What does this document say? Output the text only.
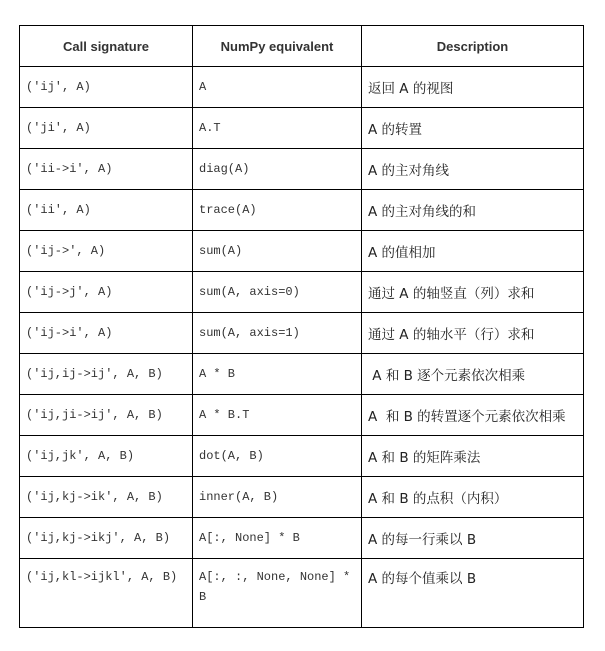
Call signature	NumPy equivalent	Description
('ij', A)	A	返回 A 的视图
('ji', A)	A.T	A 的转置
('ii->i', A)	diag(A)	A 的主对角线
('ii', A)	trace(A)	A 的主对角线的和
('ij->', A)	sum(A)	A 的值相加
('ij->j', A)	sum(A, axis=0)	通过 A 的轴竖直（列）求和
('ij->i', A)	sum(A, axis=1)	通过 A 的轴水平（行）求和
('ij,ij->ij', A, B)	A * B	A 和 B 逐个元素依次相乘
('ij,ji->ij', A, B)	A * B.T	A  和 B 的转置逐个元素依次相乘
('ij,jk', A, B)	dot(A, B)	A 和 B 的矩阵乘法
('ij,kj->ik', A, B)	inner(A, B)	A 和 B 的点积（内积）
('ij,kj->ikj', A, B)	A[:, None] * B	A 的每一行乘以 B
('ij,kl->ijkl', A, B)	A[:, :, None, None] * B	A 的每个值乘以 B
